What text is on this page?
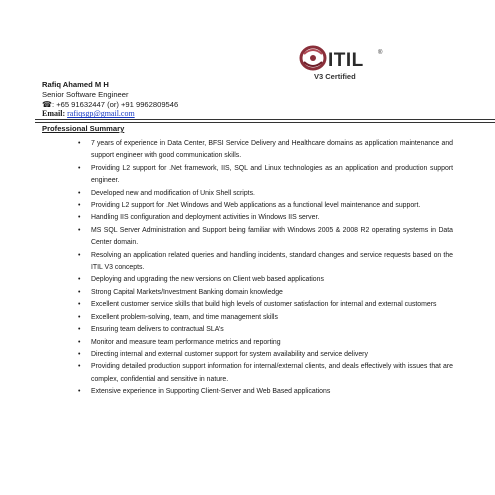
ITIL ®
V3 Certified
Rafiq Ahamed M H
Senior Software Engineer
☎: +65 91632447 (or) +91 9962809546
Email: rafiqsgp@gmail.com
Professional Summary
• 7 years of experience in Data Center, BFSI Service Delivery and Healthcare domains as application maintenance and support engineer with good communication skills.
• Providing L2 support for .Net framework, IIS, SQL and Linux technologies as an application and production support engineer.
• Developed new and modification of Unix Shell scripts.
• Providing L2 support for .Net Windows and Web applications as a functional level maintenance and support.
• Handling IIS configuration and deployment activities in Windows IIS server.
• MS SQL Server Administration and Support being familiar with Windows 2005 & 2008 R2 operating systems in Data Center domain.
• Resolving an application related queries and handling incidents, standard changes and service requests based on the ITIL V3 concepts.
• Deploying and upgrading the new versions on Client web based applications
• Strong Capital Markets/Investment Banking domain knowledge
• Excellent customer service skills that build high levels of customer satisfaction for internal and external customers
• Excellent problem-solving, team, and time management skills
• Ensuring team delivers to contractual SLA’s
• Monitor and measure team performance metrics and reporting
• Directing internal and external customer support for system availability and service delivery
• Providing detailed production support information for internal/external clients, and deals effectively with issues that are complex, confidential and sensitive in nature.
• Extensive experience in Supporting Client-Server and Web Based applications
